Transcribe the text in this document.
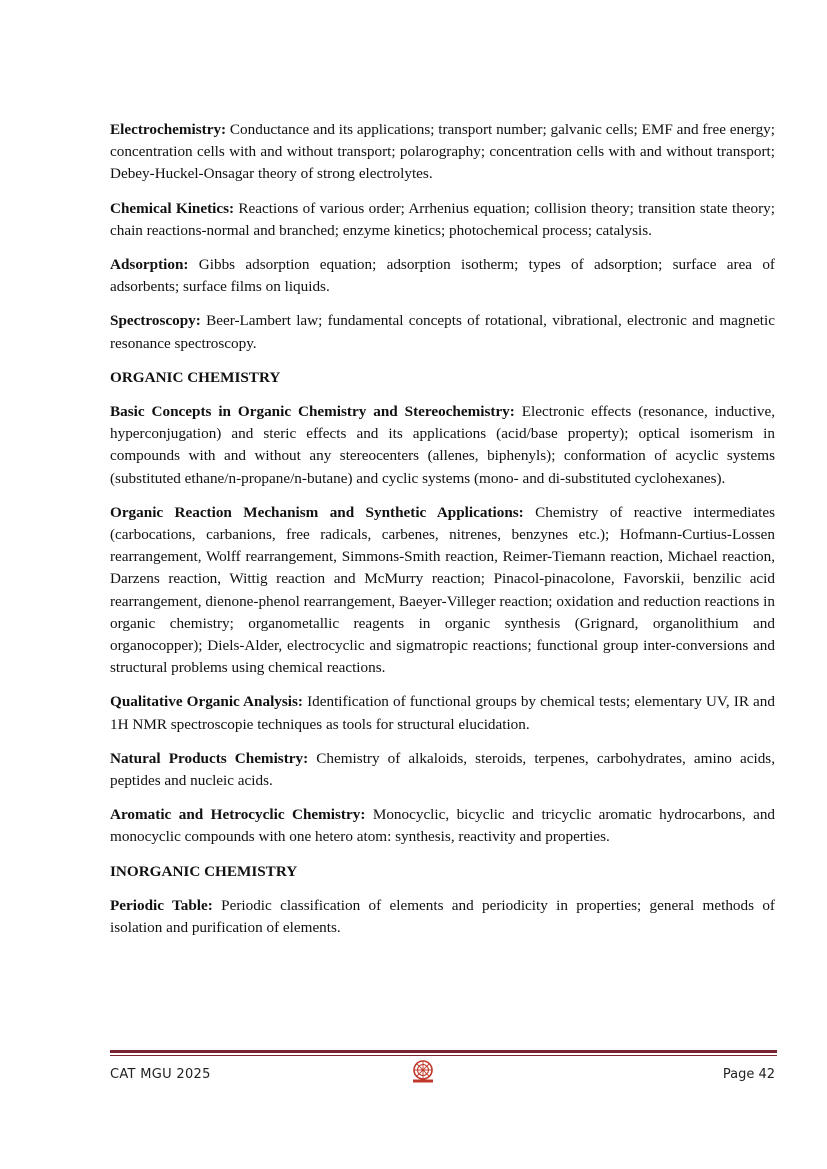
Electrochemistry: Conductance and its applications; transport number; galvanic cells; EMF and free energy; concentration cells with and without transport; polarography; concentration cells with and without transport; Debey-Huckel-Onsagar theory of strong electrolytes.

Chemical Kinetics: Reactions of various order; Arrhenius equation; collision theory; transition state theory; chain reactions-normal and branched; enzyme kinetics; photochemical process; catalysis.

Adsorption: Gibbs adsorption equation; adsorption isotherm; types of adsorption; surface area of adsorbents; surface films on liquids.

Spectroscopy: Beer-Lambert law; fundamental concepts of rotational, vibrational, electronic and magnetic resonance spectroscopy.

ORGANIC CHEMISTRY

Basic Concepts in Organic Chemistry and Stereochemistry: Electronic effects (resonance, inductive, hyperconjugation) and steric effects and its applications (acid/base property); optical isomerism in compounds with and without any stereocenters (allenes, biphenyls); conformation of acyclic systems (substituted ethane/n-propane/n-butane) and cyclic systems (mono- and di-substituted cyclohexanes).

Organic Reaction Mechanism and Synthetic Applications: Chemistry of reactive intermediates (carbocations, carbanions, free radicals, carbenes, nitrenes, benzynes etc.); Hofmann-Curtius-Lossen rearrangement, Wolff rearrangement, Simmons-Smith reaction, Reimer-Tiemann reaction, Michael reaction, Darzens reaction, Wittig reaction and McMurry reaction; Pinacol-pinacolone, Favorskii, benzilic acid rearrangement, dienone-phenol rearrangement, Baeyer-Villeger reaction; oxidation and reduction reactions in organic chemistry; organometallic reagents in organic synthesis (Grignard, organolithium and organocopper); Diels-Alder, electrocyclic and sigmatropic reactions; functional group inter-conversions and structural problems using chemical reactions.

Qualitative Organic Analysis: Identification of functional groups by chemical tests; elementary UV, IR and 1H NMR spectroscopie techniques as tools for structural elucidation.

Natural Products Chemistry: Chemistry of alkaloids, steroids, terpenes, carbohydrates, amino acids, peptides and nucleic acids.

Aromatic and Hetrocyclic Chemistry: Monocyclic, bicyclic and tricyclic aromatic hydrocarbons, and monocyclic compounds with one hetero atom: synthesis, reactivity and properties.

INORGANIC CHEMISTRY

Periodic Table: Periodic classification of elements and periodicity in properties; general methods of isolation and purification of elements.

CAT MGU 2025	Page 42
